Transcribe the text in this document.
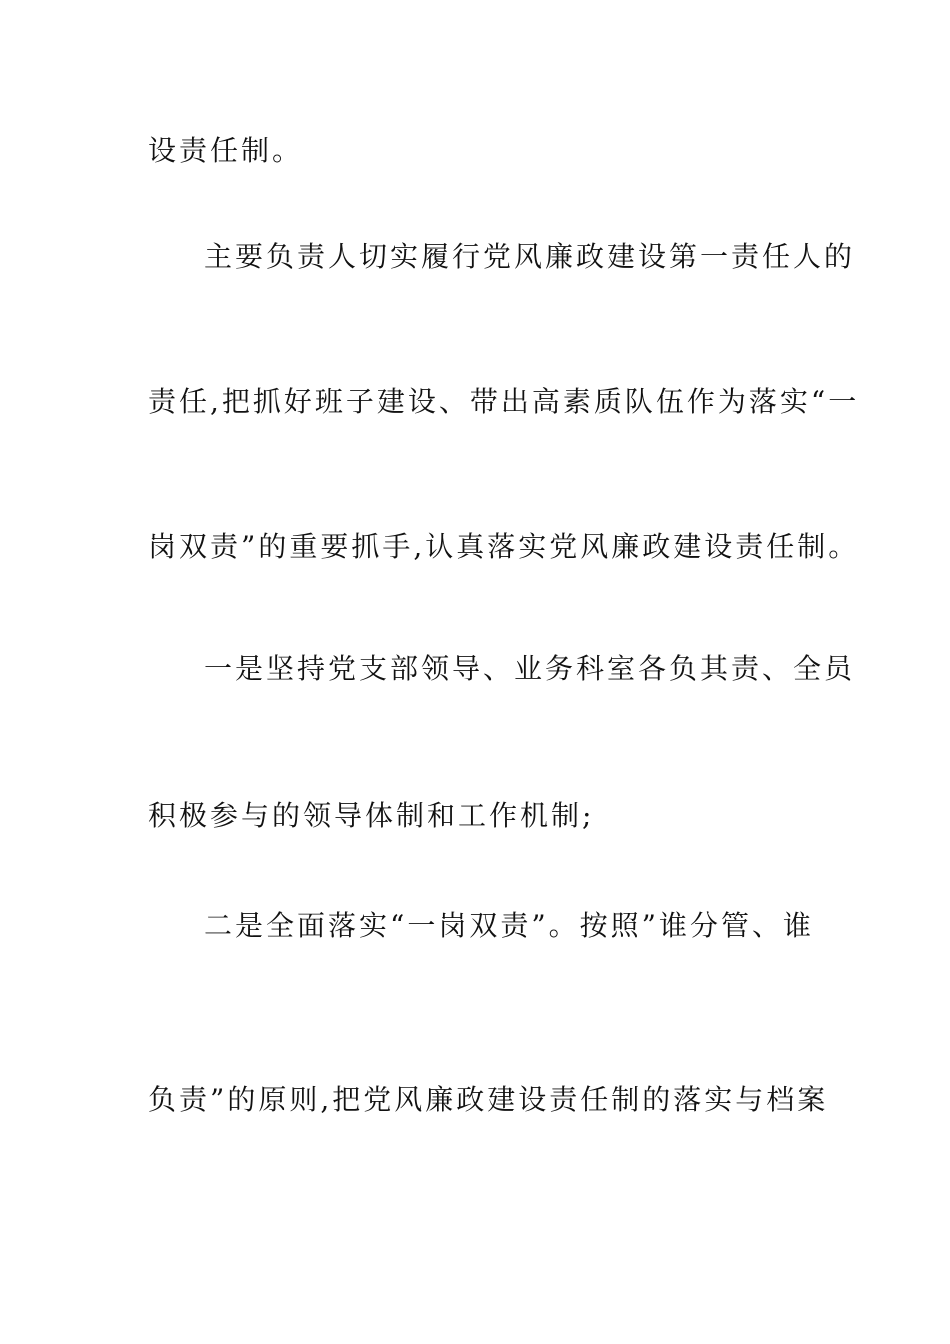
设责任制。
主要负责人切实履行党风廉政建设第一责任人的
责任,把抓好班子建设、带出高素质队伍作为落实“一
岗双责”的重要抓手,认真落实党风廉政建设责任制。
一是坚持党支部领导、业务科室各负其责、全员
积极参与的领导体制和工作机制;
二是全面落实“一岗双责”。按照”谁分管、谁
负责”的原则,把党风廉政建设责任制的落实与档案
